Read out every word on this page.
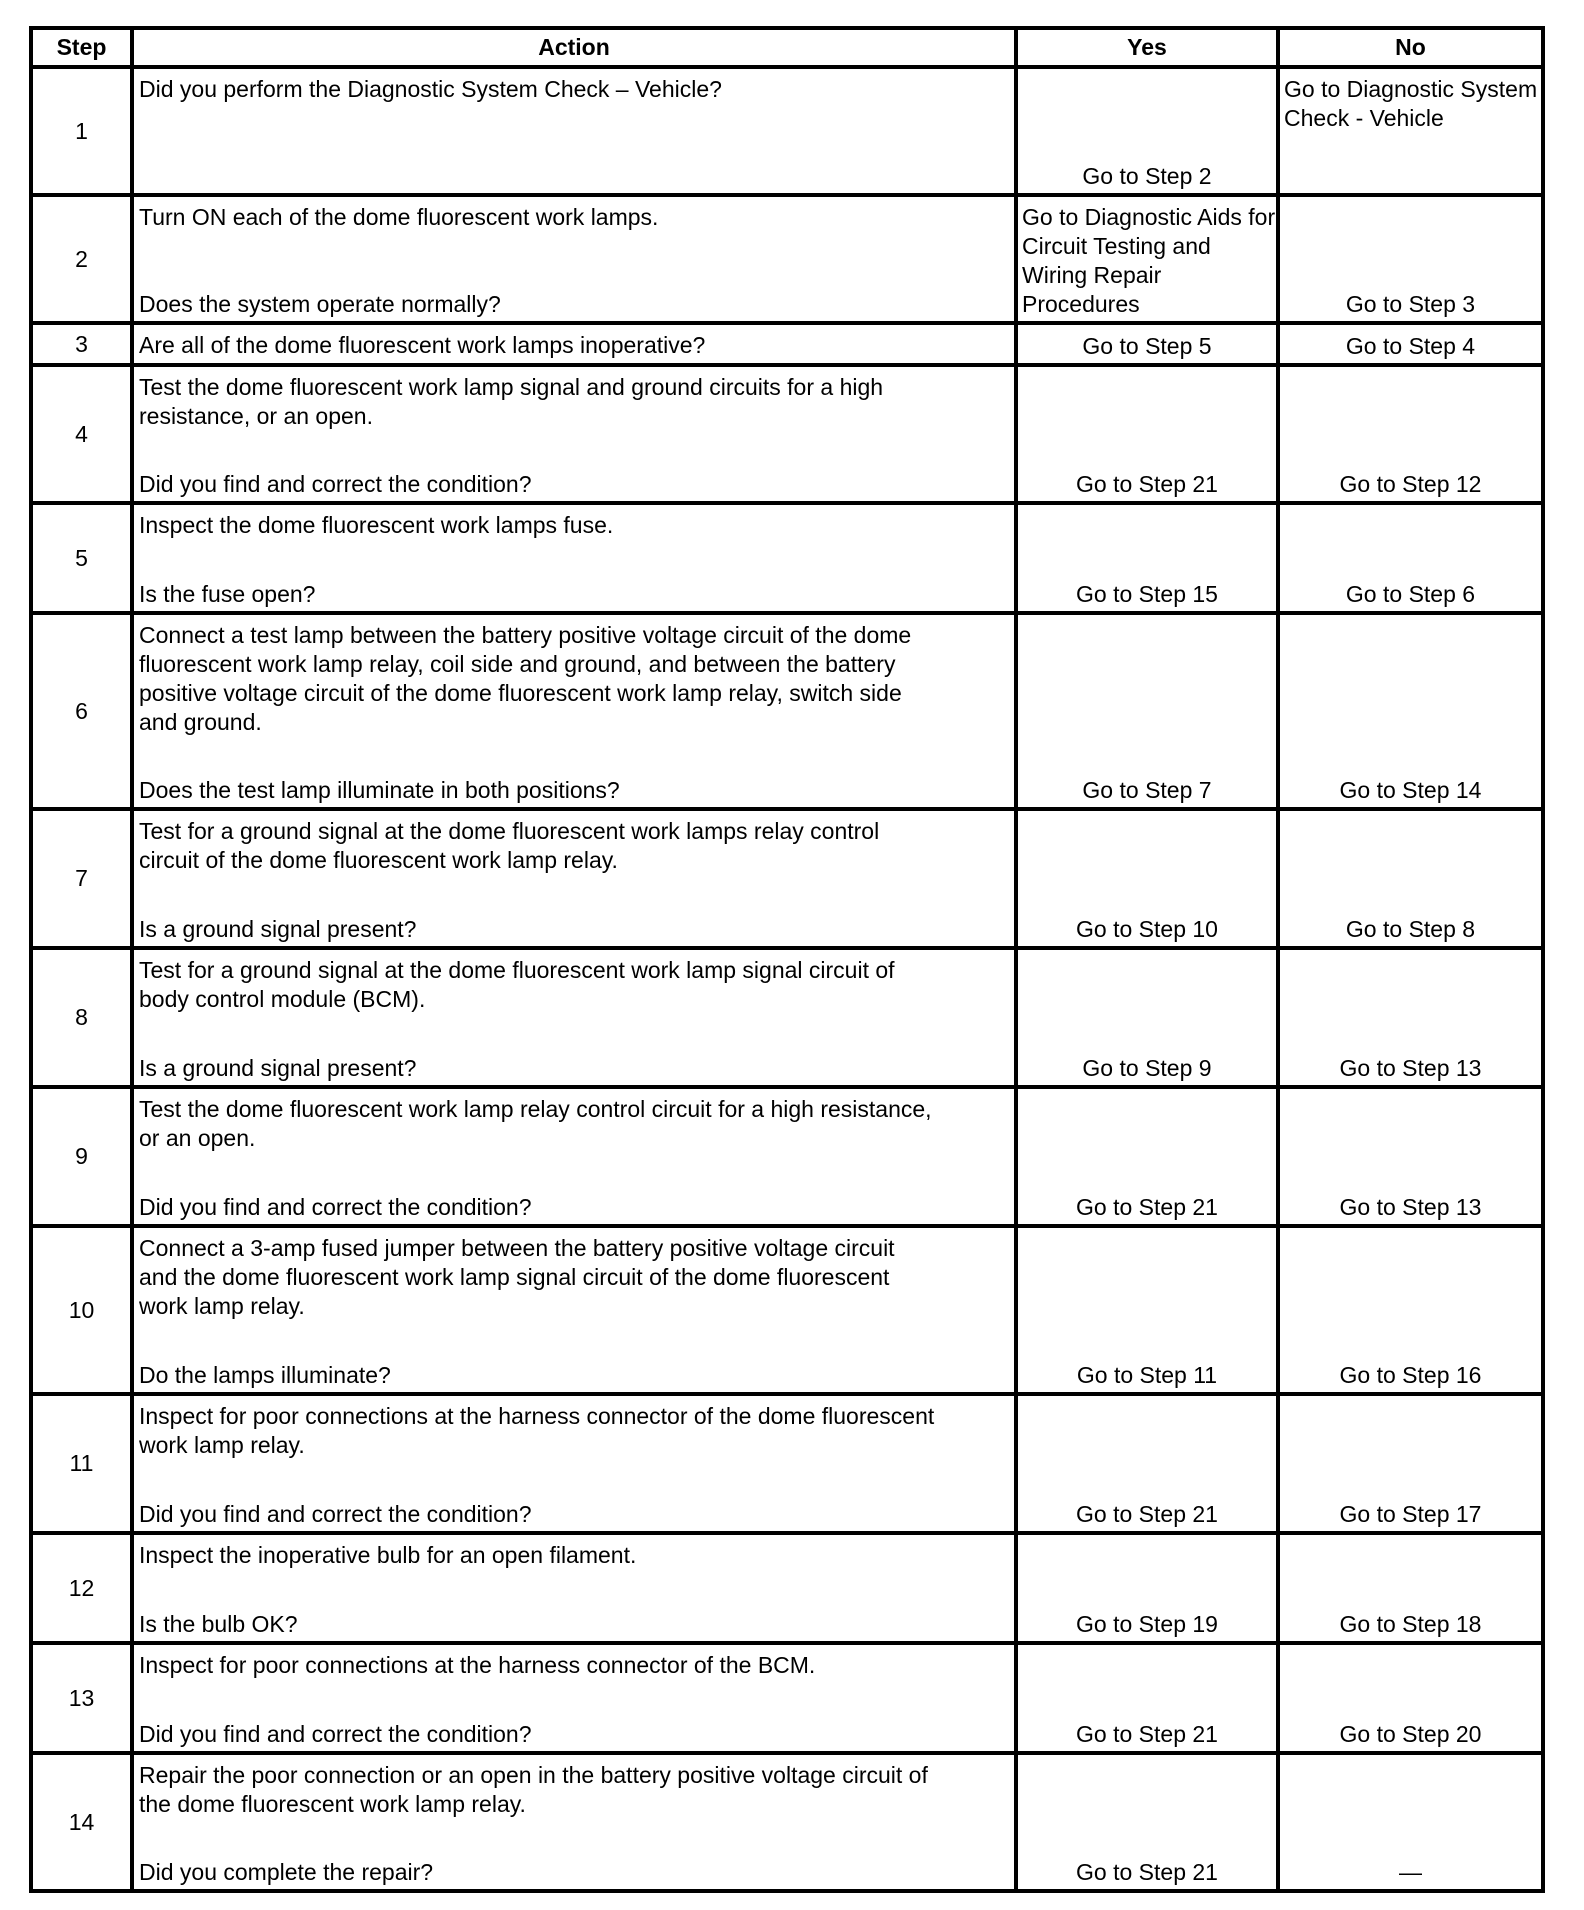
Step	Action	Yes	No
1	Did you perform the Diagnostic System Check – Vehicle?	Go to Step 2	Go to Diagnostic System Check - Vehicle

2	Turn ON each of the dome fluorescent work lamps.
Does the system operate normally?	Go to Diagnostic Aids for Circuit Testing and Wiring Repair Procedures	Go to Step 3

3	Are all of the dome fluorescent work lamps inoperative?	Go to Step 5	Go to Step 4

4	Test the dome fluorescent work lamp signal and ground circuits for a high
resistance, or an open.
Did you find and correct the condition?	Go to Step 21	Go to Step 12

5	Inspect the dome fluorescent work lamps fuse.
Is the fuse open?	Go to Step 15	Go to Step 6

6	Connect a test lamp between the battery positive voltage circuit of the dome
fluorescent work lamp relay, coil side and ground, and between the battery
positive voltage circuit of the dome fluorescent work lamp relay, switch side
and ground.
Does the test lamp illuminate in both positions?	Go to Step 7	Go to Step 14

7	Test for a ground signal at the dome fluorescent work lamps relay control
circuit of the dome fluorescent work lamp relay.
Is a ground signal present?	Go to Step 10	Go to Step 8

8	Test for a ground signal at the dome fluorescent work lamp signal circuit of
body control module (BCM).
Is a ground signal present?	Go to Step 9	Go to Step 13

9	Test the dome fluorescent work lamp relay control circuit for a high resistance,
or an open.
Did you find and correct the condition?	Go to Step 21	Go to Step 13

10	Connect a 3-amp fused jumper between the battery positive voltage circuit
and the dome fluorescent work lamp signal circuit of the dome fluorescent
work lamp relay.
Do the lamps illuminate?	Go to Step 11	Go to Step 16

11	Inspect for poor connections at the harness connector of the dome fluorescent
work lamp relay.
Did you find and correct the condition?	Go to Step 21	Go to Step 17

12	Inspect the inoperative bulb for an open filament.
Is the bulb OK?	Go to Step 19	Go to Step 18

13	Inspect for poor connections at the harness connector of the BCM.
Did you find and correct the condition?	Go to Step 21	Go to Step 20

14	Repair the poor connection or an open in the battery positive voltage circuit of
the dome fluorescent work lamp relay.
Did you complete the repair?	Go to Step 21	—
